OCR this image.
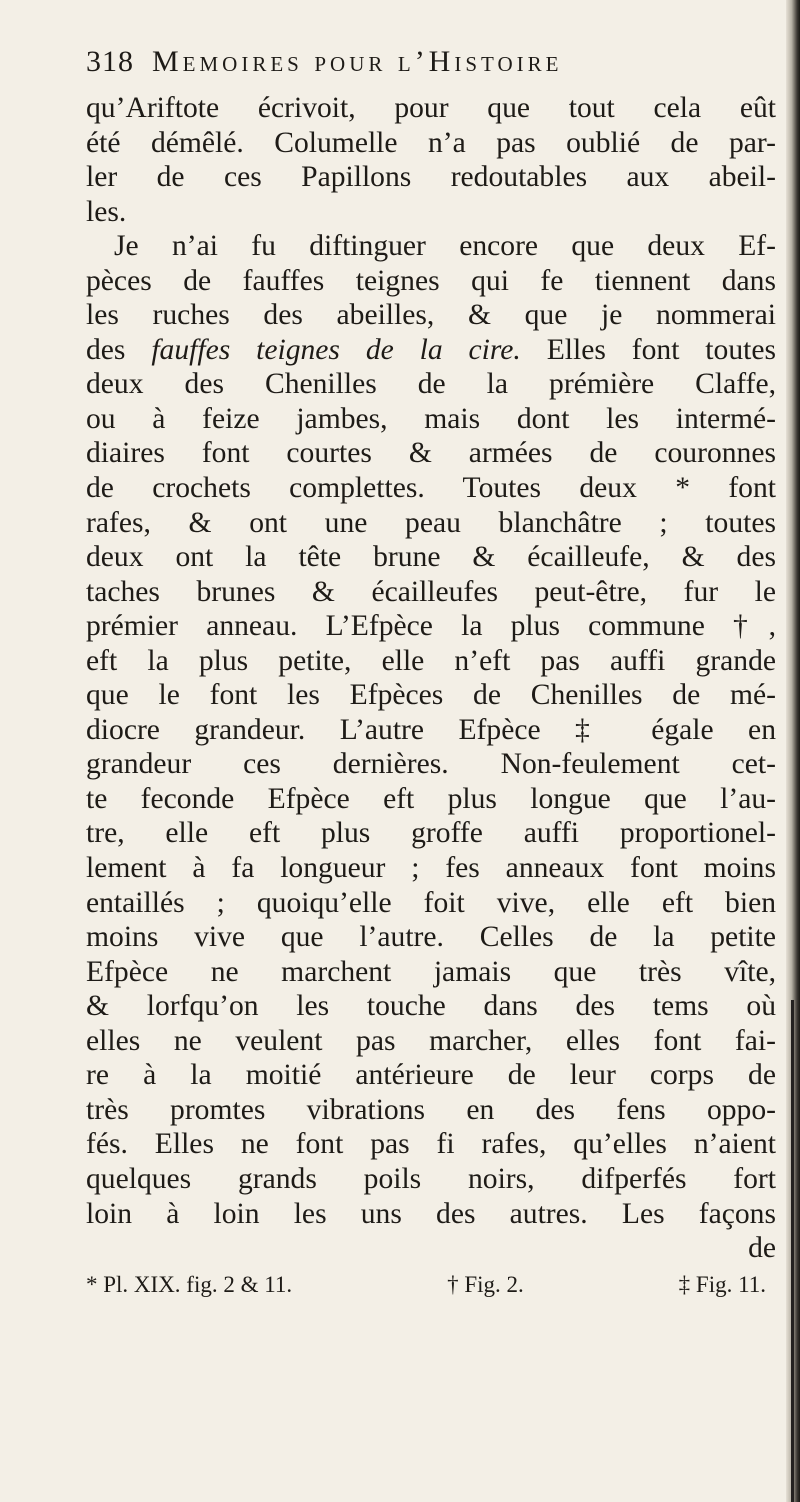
318 Memoires pour l’Histoire
qu’Ariftote écrivoit, pour que tout cela eût
été démêlé. Columelle n’a pas oublié de par-
ler de ces Papillons redoutables aux abeil-
les.
Je n’ai fu diftinguer encore que deux Ef-
pèces de fauffes teignes qui fe tiennent dans
les ruches des abeilles, & que je nommerai
des fauffes teignes de la cire. Elles font toutes
deux des Chenilles de la prémière Claffe,
ou à feize jambes, mais dont les intermé-
diaires font courtes & armées de couronnes
de crochets complettes. Toutes deux * font
rafes, & ont une peau blanchâtre ; toutes
deux ont la tête brune & écailleufe, & des
taches brunes & écailleufes peut-être, fur le
prémier anneau. L’Efpèce la plus commune †,
eft la plus petite, elle n’eft pas auffi grande
que le font les Efpèces de Chenilles de mé-
diocre grandeur. L’autre Efpèce ‡ égale en
grandeur ces dernières. Non-feulement cet-
te feconde Efpèce eft plus longue que l’au-
tre, elle eft plus groffe auffi proportionel-
lement à fa longueur ; fes anneaux font moins
entaillés ; quoiqu’elle foit vive, elle eft bien
moins vive que l’autre. Celles de la petite
Efpèce ne marchent jamais que très vîte,
& lorfqu’on les touche dans des tems où
elles ne veulent pas marcher, elles font fai-
re à la moitié antérieure de leur corps de
très promtes vibrations en des fens oppo-
fés. Elles ne font pas fi rafes, qu’elles n’aient
quelques grands poils noirs, difperfés fort
loin à loin les uns des autres. Les façons
de
* Pl. XIX. fig. 2 & 11.	† Fig. 2.	‡ Fig. 11.
